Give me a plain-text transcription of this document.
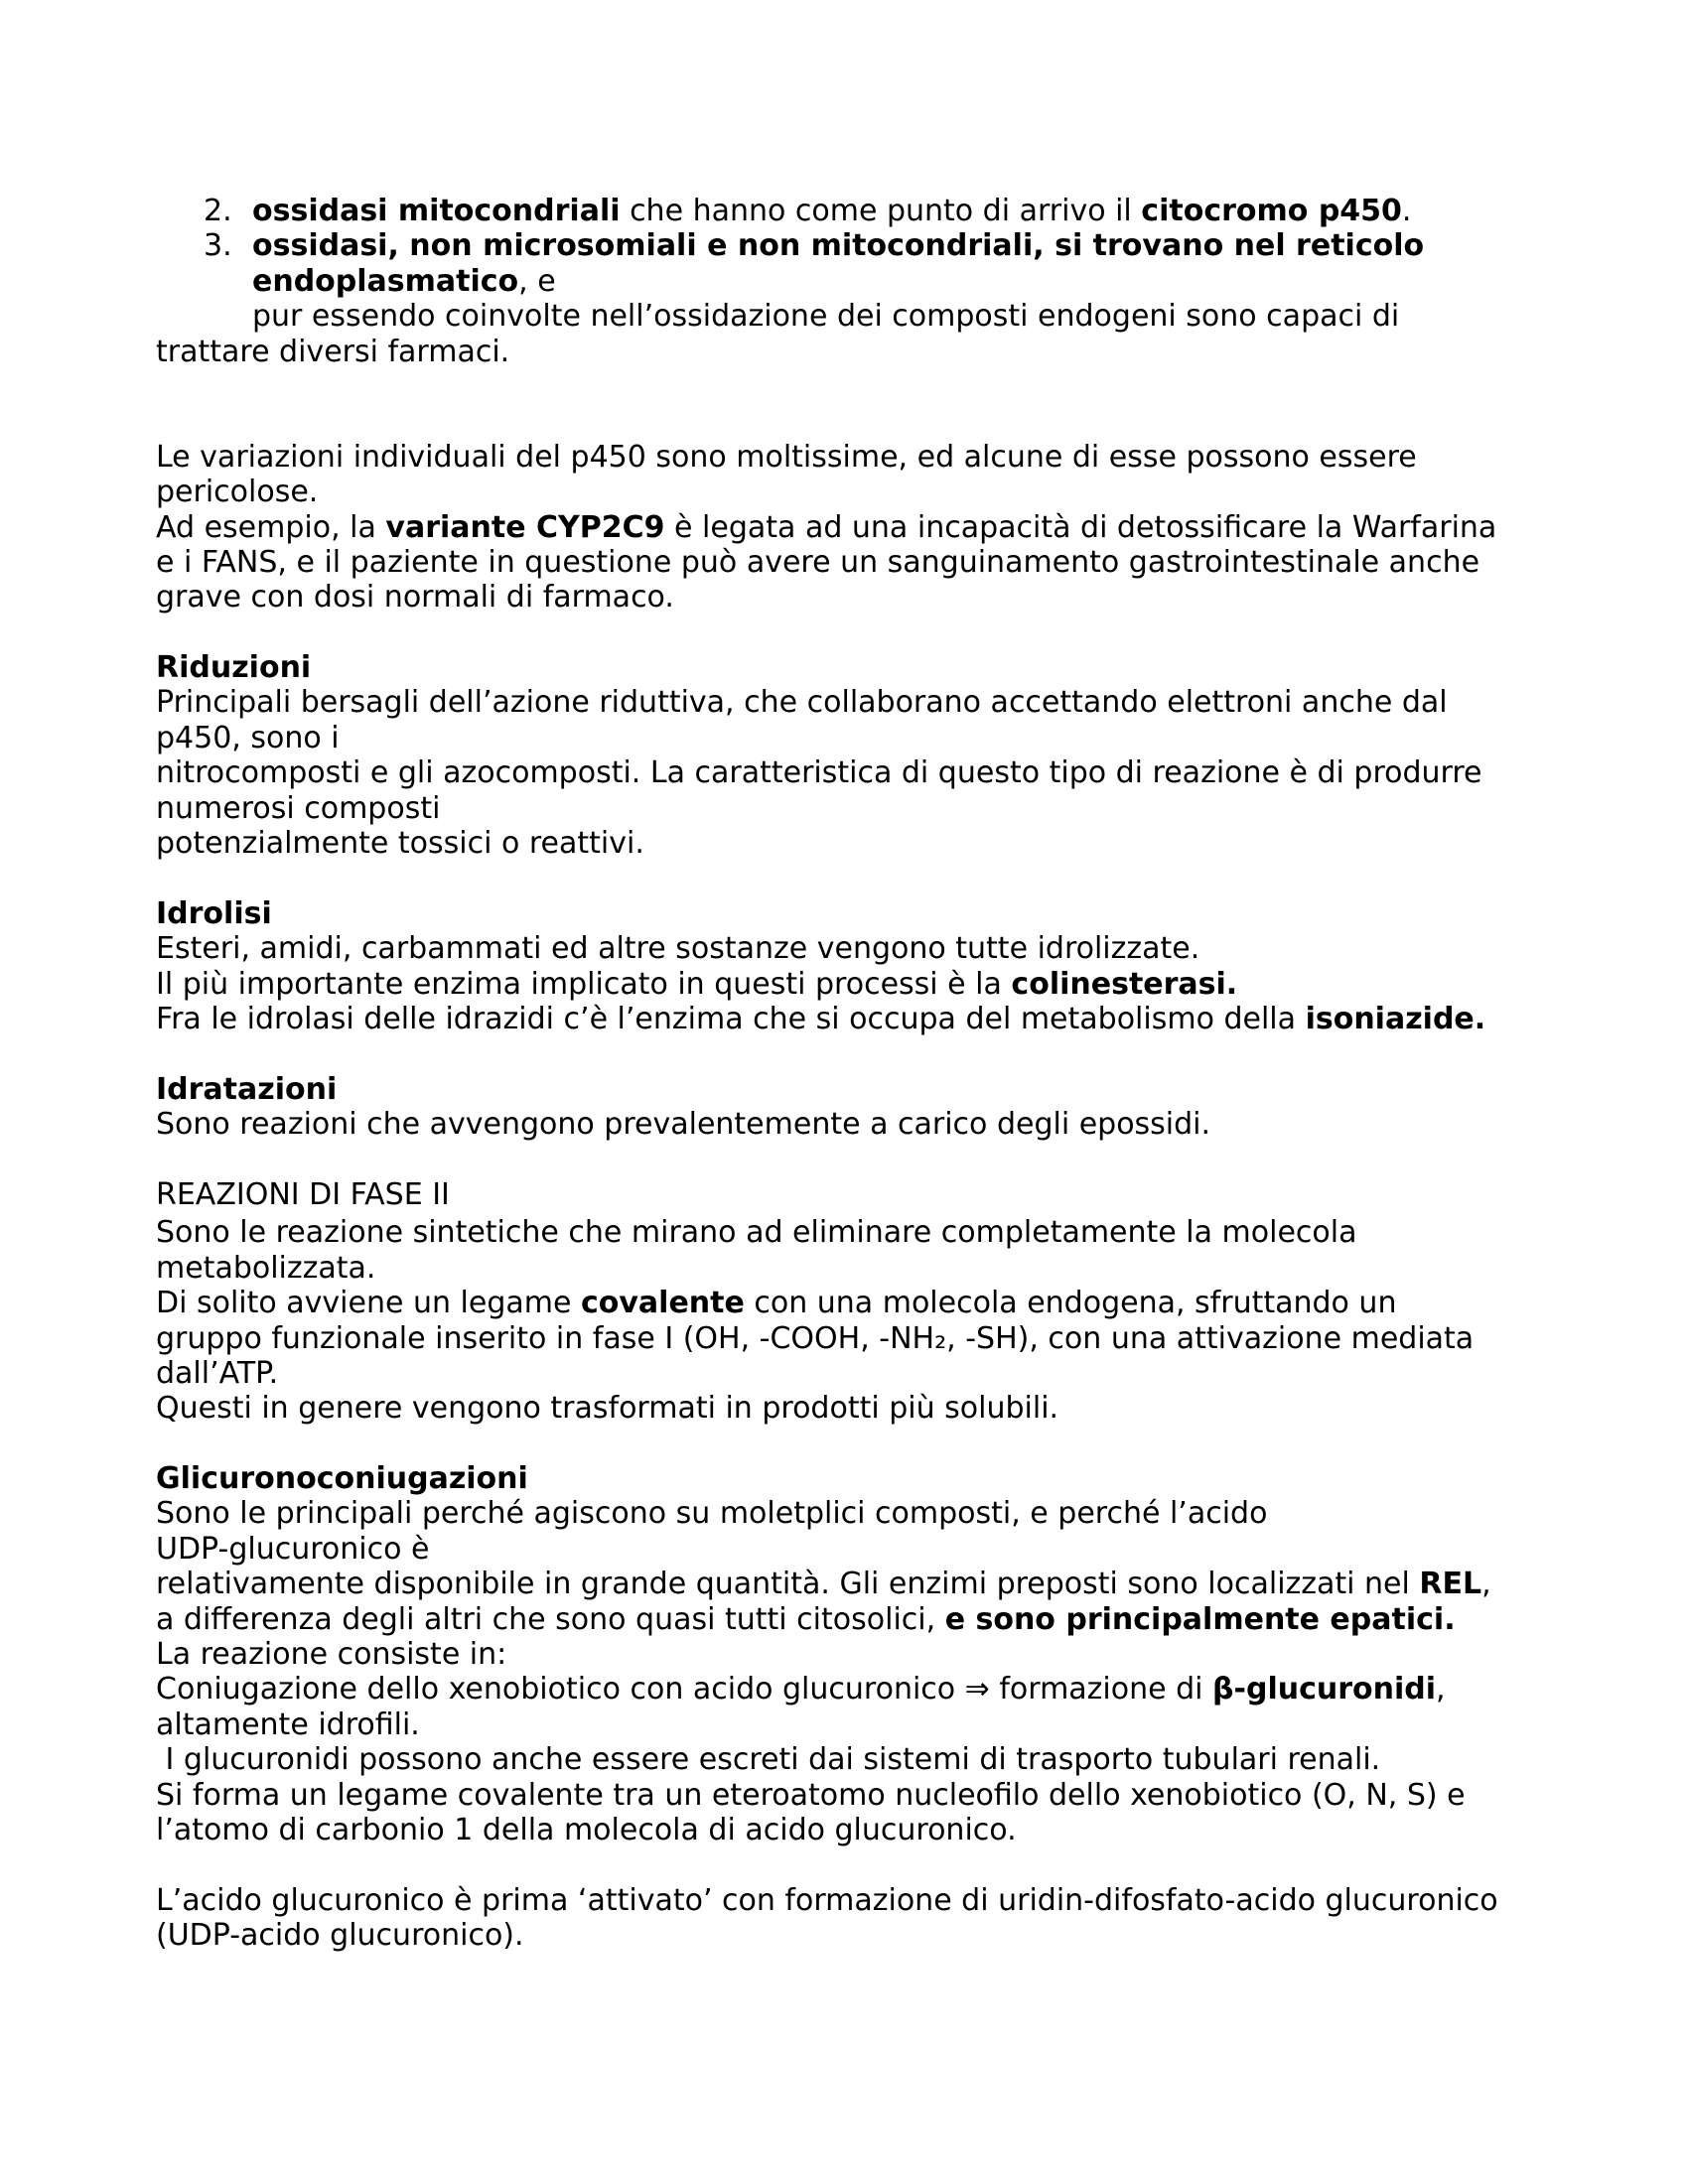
2. ossidasi mitocondriali che hanno come punto di arrivo il citocromo p450.
3. ossidasi, non microsomiali e non mitocondriali, si trovano nel reticolo
endoplasmatico, e
pur essendo coinvolte nell’ossidazione dei composti endogeni sono capaci di
trattare diversi farmaci.
Le variazioni individuali del p450 sono moltissime, ed alcune di esse possono essere
pericolose.
Ad esempio, la variante CYP2C9 è legata ad una incapacità di detossificare la Warfarina
e i FANS, e il paziente in questione può avere un sanguinamento gastrointestinale anche
grave con dosi normali di farmaco.
Riduzioni
Principali bersagli dell’azione riduttiva, che collaborano accettando elettroni anche dal
p450, sono i
nitrocomposti e gli azocomposti. La caratteristica di questo tipo di reazione è di produrre
numerosi composti
potenzialmente tossici o reattivi.
Idrolisi
Esteri, amidi, carbammati ed altre sostanze vengono tutte idrolizzate.
Il più importante enzima implicato in questi processi è la colinesterasi.
Fra le idrolasi delle idrazidi c’è l’enzima che si occupa del metabolismo della isoniazide.
Idratazioni
Sono reazioni che avvengono prevalentemente a carico degli epossidi.
REAZIONI DI FASE II
Sono le reazione sintetiche che mirano ad eliminare completamente la molecola
metabolizzata.
Di solito avviene un legame covalente con una molecola endogena, sfruttando un
gruppo funzionale inserito in fase I (OH, -COOH, -NH₂, -SH), con una attivazione mediata
dall’ATP.
Questi in genere vengono trasformati in prodotti più solubili.
Glicuronoconiugazioni
Sono le principali perché agiscono su moletplici composti, e perché l’acido
UDP-glucuronico è
relativamente disponibile in grande quantità. Gli enzimi preposti sono localizzati nel REL,
a differenza degli altri che sono quasi tutti citosolici, e sono principalmente epatici.
La reazione consiste in:
Coniugazione dello xenobiotico con acido glucuronico ⇒ formazione di β-glucuronidi,
altamente idrofili.
I glucuronidi possono anche essere escreti dai sistemi di trasporto tubulari renali.
Si forma un legame covalente tra un eteroatomo nucleofilo dello xenobiotico (O, N, S) e
l’atomo di carbonio 1 della molecola di acido glucuronico.
L’acido glucuronico è prima ‘attivato’ con formazione di uridin-difosfato-acido glucuronico
(UDP-acido glucuronico).
